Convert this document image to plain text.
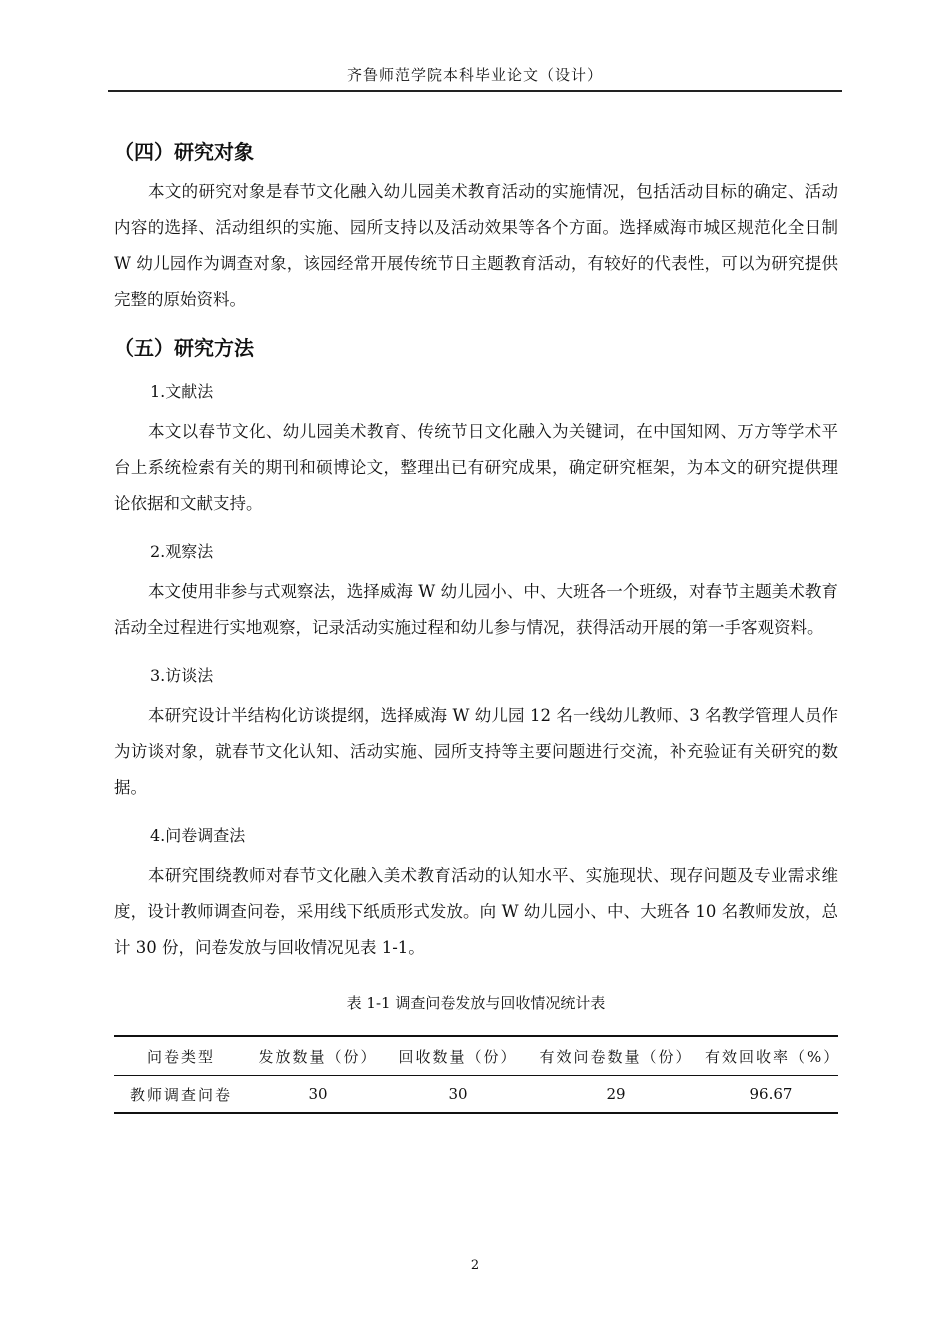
齐鲁师范学院本科毕业论文（设计）
（四）研究对象

本文的研究对象是春节文化融入幼儿园美术教育活动的实施情况，包括活动目标的确定、活动内容的选择、活动组织的实施、园所支持以及活动效果等各个方面。选择威海市城区规范化全日制 W 幼儿园作为调查对象，该园经常开展传统节日主题教育活动，有较好的代表性，可以为研究提供完整的原始资料。

（五）研究方法
1.文献法

本文以春节文化、幼儿园美术教育、传统节日文化融入为关键词，在中国知网、万方等学术平台上系统检索有关的期刊和硕博论文，整理出已有研究成果，确定研究框架，为本文的研究提供理论依据和文献支持。

2.观察法

本文使用非参与式观察法，选择威海 W 幼儿园小、中、大班各一个班级，对春节主题美术教育活动全过程进行实地观察，记录活动实施过程和幼儿参与情况，获得活动开展的第一手客观资料。

3.访谈法

本研究设计半结构化访谈提纲，选择威海 W 幼儿园 12 名一线幼儿教师、3 名教学管理人员作为访谈对象，就春节文化认知、活动实施、园所支持等主要问题进行交流，补充验证有关研究的数据。

4.问卷调查法

本研究围绕教师对春节文化融入美术教育活动的认知水平、实施现状、现存问题及专业需求维度，设计教师调查问卷，采用线下纸质形式发放。向 W 幼儿园小、中、大班各 10 名教师发放，总计 30 份，问卷发放与回收情况见表 1-1。

表 1-1 调查问卷发放与回收情况统计表
问卷类型	发放数量（份）	回收数量（份）	有效问卷数量（份）	有效回收率（%）
教师调查问卷	30	30	29	96.67
2
